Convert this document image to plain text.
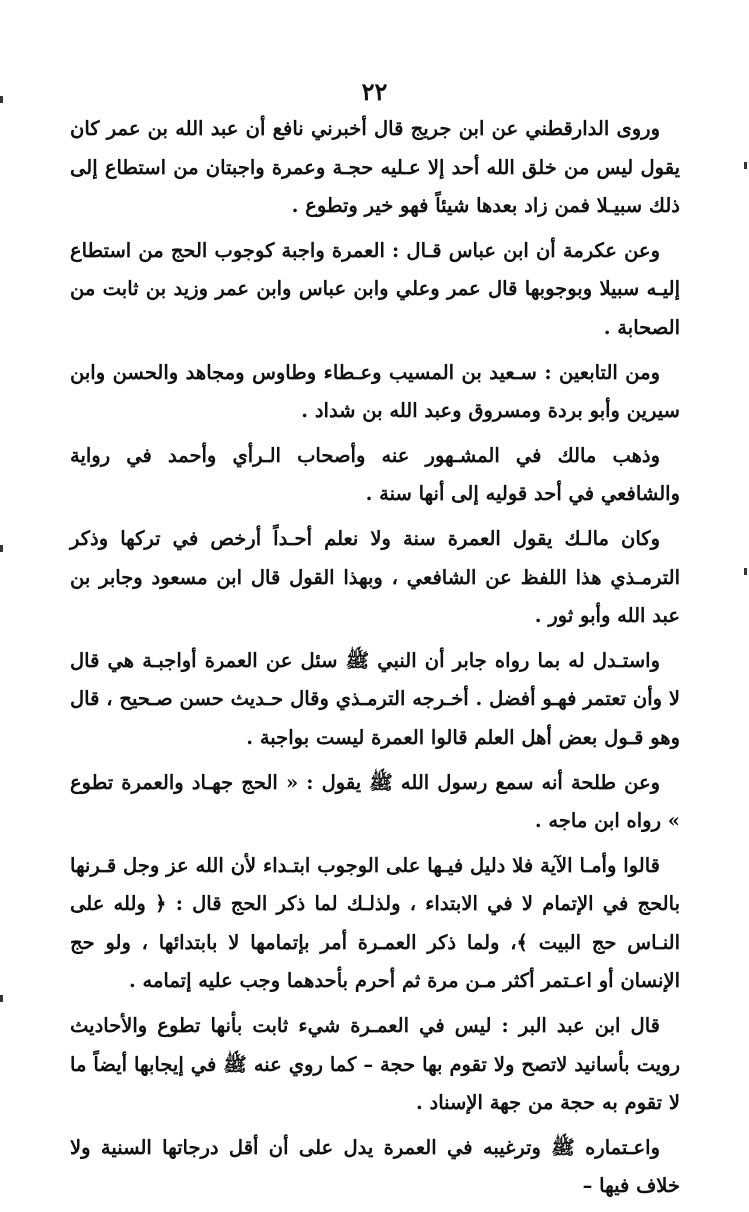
٢٢

وروى الدارقطني عن ابن جريج قال أخبرني نافع أن عبد الله بن عمر كان يقول ليس من خلق الله أحد إلا عـليه حجـة وعمرة واجبتان من استطاع إلى ذلك سبيـلا فمن زاد بعدها شيئاً فهو خير وتطوع .

وعن عكرمة أن ابن عباس قـال : العمرة واجبة كوجوب الحج من استطاع إليـه سبيلا وبوجوبها قال عمر وعلي وابن عباس وابن عمر وزيد بن ثابت من الصحابة .

ومن التابعين : سـعيد بن المسيب وعـطاء وطاوس ومجاهد والحسن وابن سيرين وأبو بردة ومسروق وعبد الله بن شداد .

وذهب مالك في المشـهور عنه وأصحاب الـرأي وأحمد في رواية والشافعي في أحد قوليه إلى أنها سنة .

وكان مالـك يقول العمرة سنة ولا نعلم أحـداً أرخص في تركها وذكر الترمـذي هذا اللفظ عن الشافعي ، وبهذا القول قال ابن مسعود وجابر بن عبد الله وأبو ثور .

واستـدل له بما رواه جابر أن النبي ﷺ سئل عن العمرة أواجبـة هي قال لا وأن تعتمر فهـو أفضل . أخـرجه الترمـذي وقال حـديث حسن صـحيح ، قال وهو قـول بعض أهل العلم قالوا العمرة ليست بواجبة .

وعن طلحة أنه سمع رسول الله ﷺ يقول : « الحج جهـاد والعمرة تطوع » رواه ابن ماجه .

قالوا وأمـا الآية فلا دليل فيـها على الوجوب ابتـداء لأن الله عز وجل قـرنها بالحج في الإتمام لا في الابتداء ، ولذلـك لما ذكر الحج قال : ﴿ ولله على النـاس حج البيت ﴾، ولما ذكر العمـرة أمر بإتمامها لا بابتدائها ، ولو حج الإنسان أو اعـتمر أكثر مـن مرة ثم أحرم بأحدهما وجب عليه إتمامه .

قال ابن عبد البر : ليس في العمـرة شيء ثابت بأنها تطوع والأحاديث رويت بأسانيد لاتصح ولا تقوم بها حجة – كما روي عنه ﷺ في إيجابها أيضاً ما لا تقوم به حجة من جهة الإسناد .

واعـتماره ﷺ وترغيبه في العمرة يدل على أن أقل درجاتها السنية ولا خلاف فيها –
